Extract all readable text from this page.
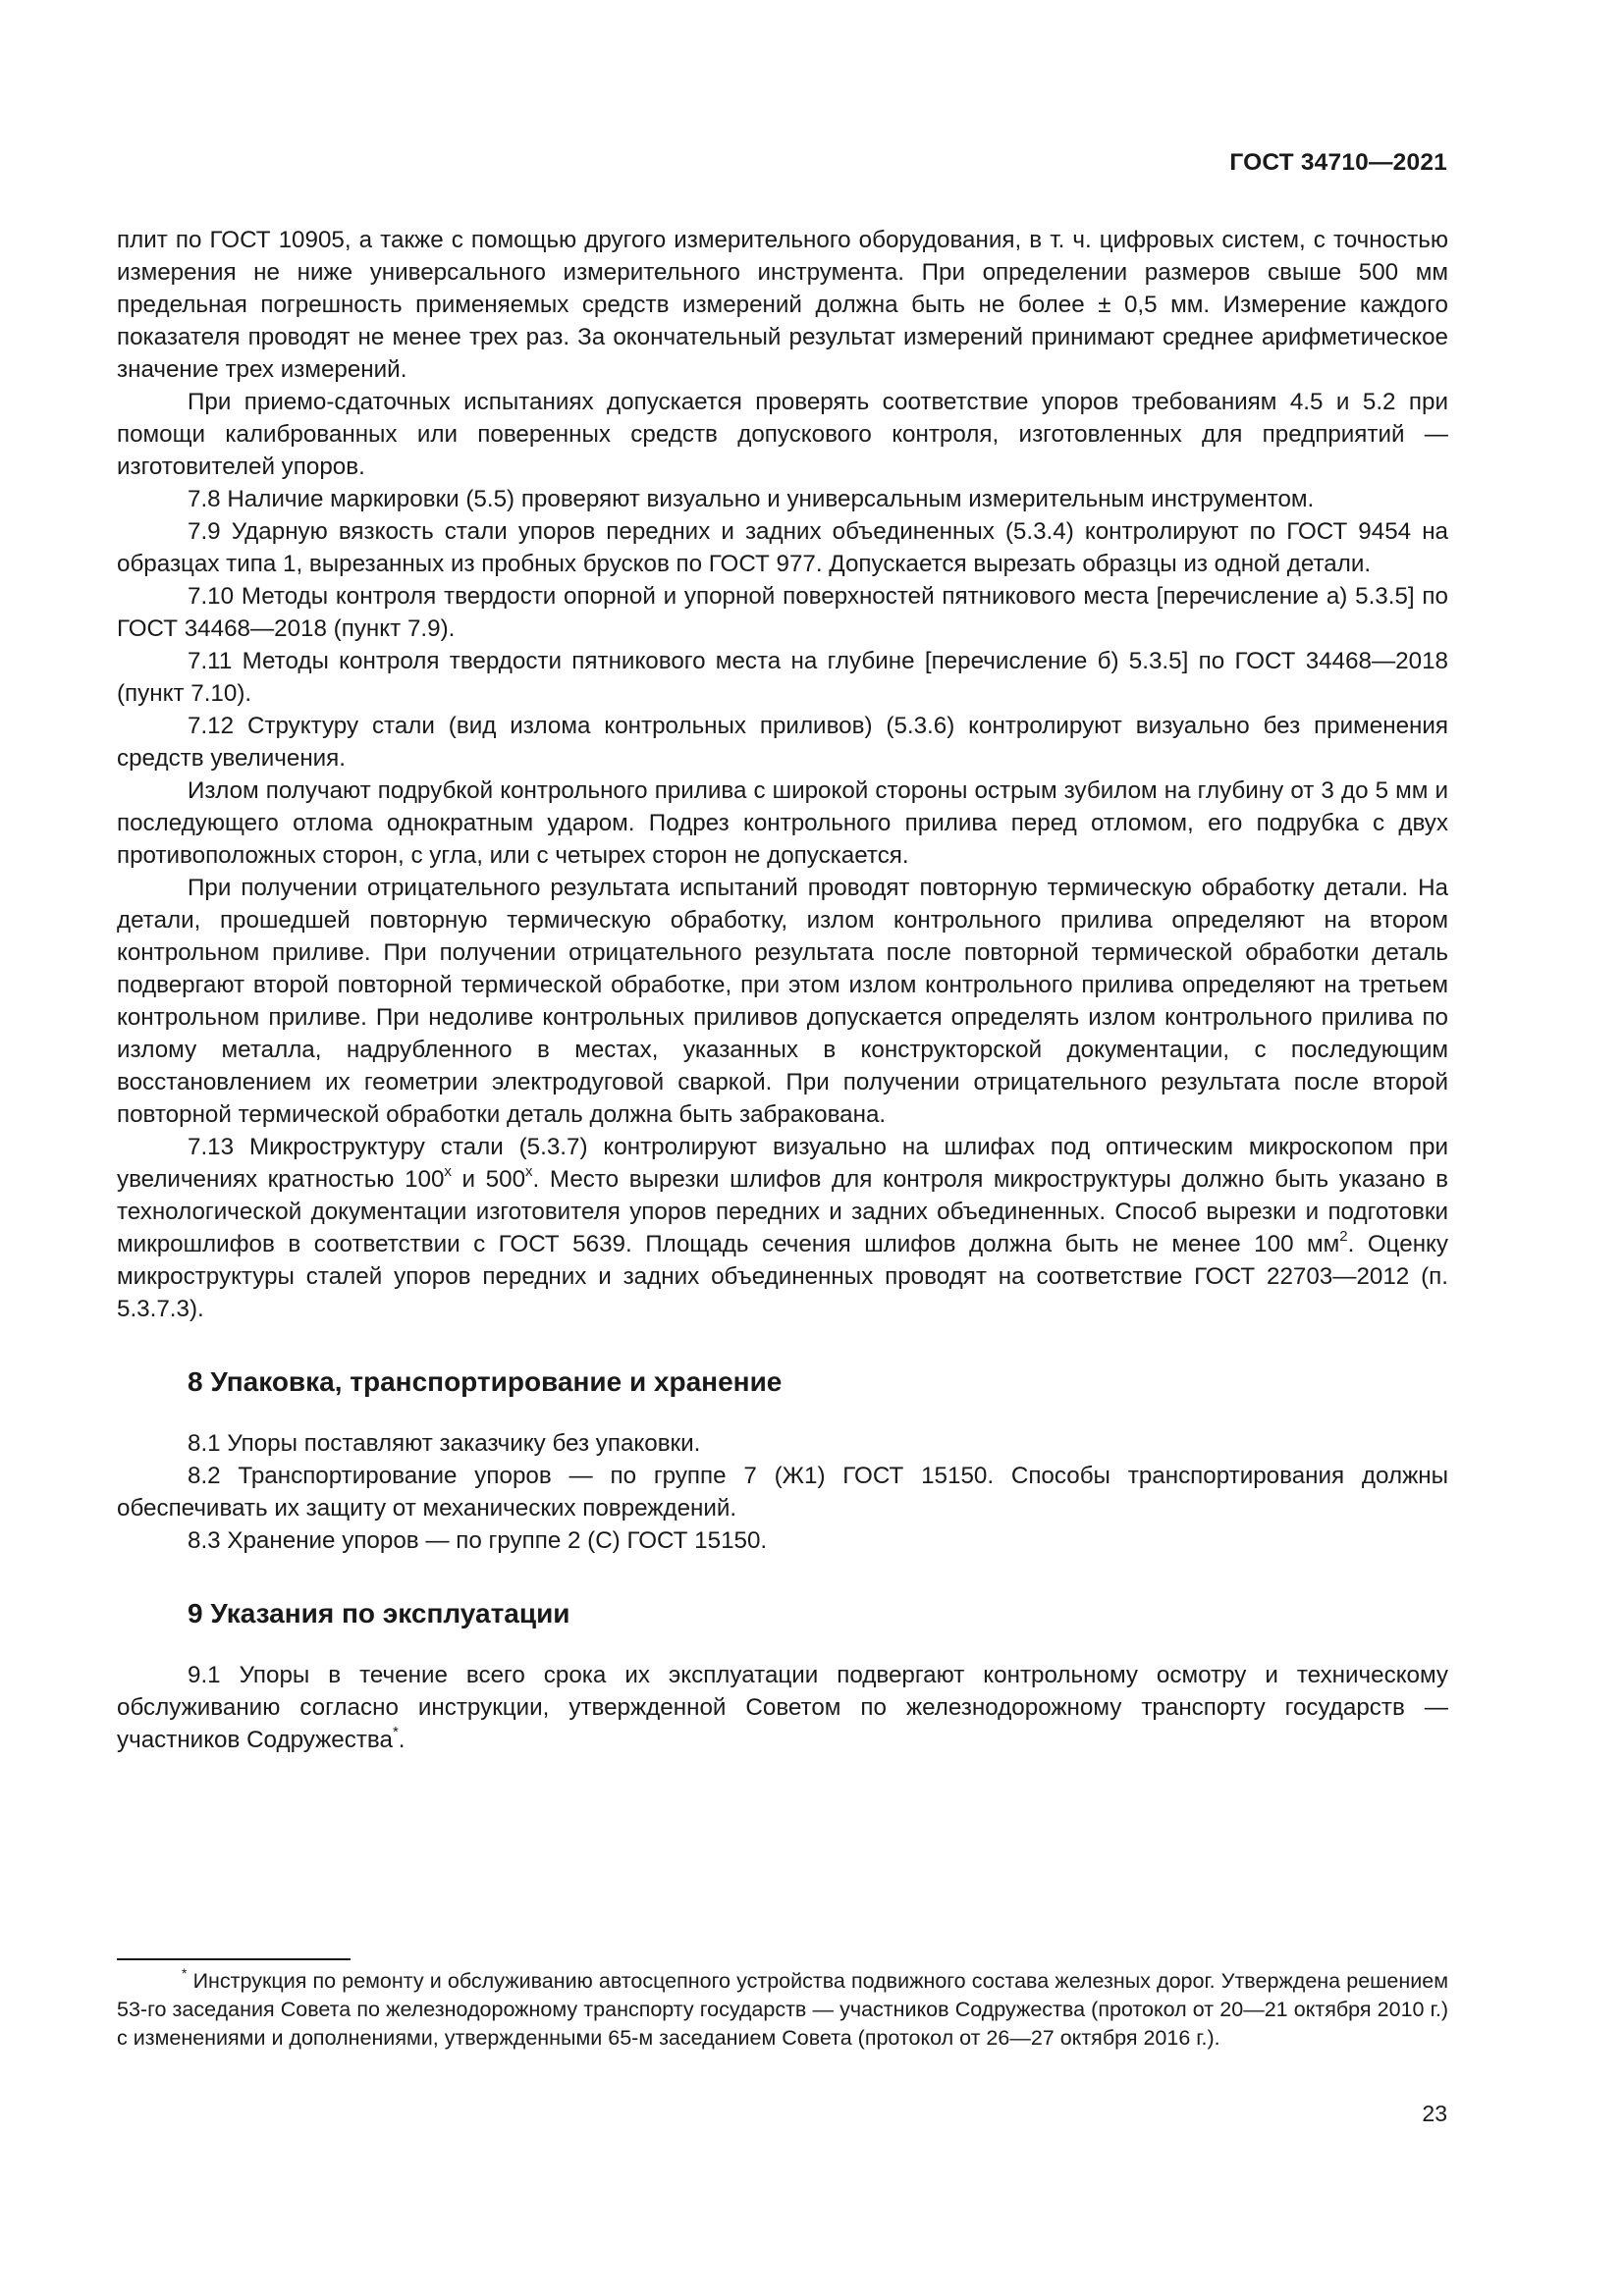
ГОСТ 34710—2021

плит по ГОСТ 10905, а также с помощью другого измерительного оборудования, в т. ч. цифровых систем, с точностью измерения не ниже универсального измерительного инструмента. При определении размеров свыше 500 мм предельная погрешность применяемых средств измерений должна быть не более ± 0,5 мм. Измерение каждого показателя проводят не менее трех раз. За окончательный результат измерений принимают среднее арифметическое значение трех измерений.

При приемо-сдаточных испытаниях допускается проверять соответствие упоров требованиям 4.5 и 5.2 при помощи калиброванных или поверенных средств допускового контроля, изготовленных для предприятий — изготовителей упоров.

7.8 Наличие маркировки (5.5) проверяют визуально и универсальным измерительным инструментом.

7.9 Ударную вязкость стали упоров передних и задних объединенных (5.3.4) контролируют по ГОСТ 9454 на образцах типа 1, вырезанных из пробных брусков по ГОСТ 977. Допускается вырезать образцы из одной детали.

7.10 Методы контроля твердости опорной и упорной поверхностей пятникового места [перечисление а) 5.3.5] по ГОСТ 34468—2018 (пункт 7.9).

7.11 Методы контроля твердости пятникового места на глубине [перечисление б) 5.3.5] по ГОСТ 34468—2018 (пункт 7.10).

7.12 Структуру стали (вид излома контрольных приливов) (5.3.6) контролируют визуально без применения средств увеличения.

Излом получают подрубкой контрольного прилива с широкой стороны острым зубилом на глубину от 3 до 5 мм и последующего отлома однократным ударом. Подрез контрольного прилива перед отломом, его подрубка с двух противоположных сторон, с угла, или с четырех сторон не допускается.

При получении отрицательного результата испытаний проводят повторную термическую обработку детали. На детали, прошедшей повторную термическую обработку, излом контрольного прилива определяют на втором контрольном приливе. При получении отрицательного результата после повторной термической обработки деталь подвергают второй повторной термической обработке, при этом излом контрольного прилива определяют на третьем контрольном приливе. При недоливе контрольных приливов допускается определять излом контрольного прилива по излому металла, надрубленного в местах, указанных в конструкторской документации, с последующим восстановлением их геометрии электродуговой сваркой. При получении отрицательного результата после второй повторной термической обработки деталь должна быть забракована.

7.13 Микроструктуру стали (5.3.7) контролируют визуально на шлифах под оптическим микроскопом при увеличениях кратностью $100^х$ и $500^х$. Место вырезки шлифов для контроля микроструктуры должно быть указано в технологической документации изготовителя упоров передних и задних объединенных. Способ вырезки и подготовки микрошлифов в соответствии с ГОСТ 5639. Площадь сечения шлифов должна быть не менее 100 $мм^2$. Оценку микроструктуры сталей упоров передних и задних объединенных проводят на соответствие ГОСТ 22703—2012 (п. 5.3.7.3).

8 Упаковка, транспортирование и хранение

8.1 Упоры поставляют заказчику без упаковки.

8.2 Транспортирование упоров — по группе 7 (Ж1) ГОСТ 15150. Способы транспортирования должны обеспечивать их защиту от механических повреждений.

8.3 Хранение упоров — по группе 2 (С) ГОСТ 15150.

9 Указания по эксплуатации

9.1 Упоры в течение всего срока их эксплуатации подвергают контрольному осмотру и техническому обслуживанию согласно инструкции, утвержденной Советом по железнодорожному транспорту государств — участников Содружества*.

* Инструкция по ремонту и обслуживанию автосцепного устройства подвижного состава железных дорог. Утверждена решением 53-го заседания Совета по железнодорожному транспорту государств — участников Содружества (протокол от 20—21 октября 2010 г.) с изменениями и дополнениями, утвержденными 65-м заседанием Совета (протокол от 26—27 октября 2016 г.).

23
